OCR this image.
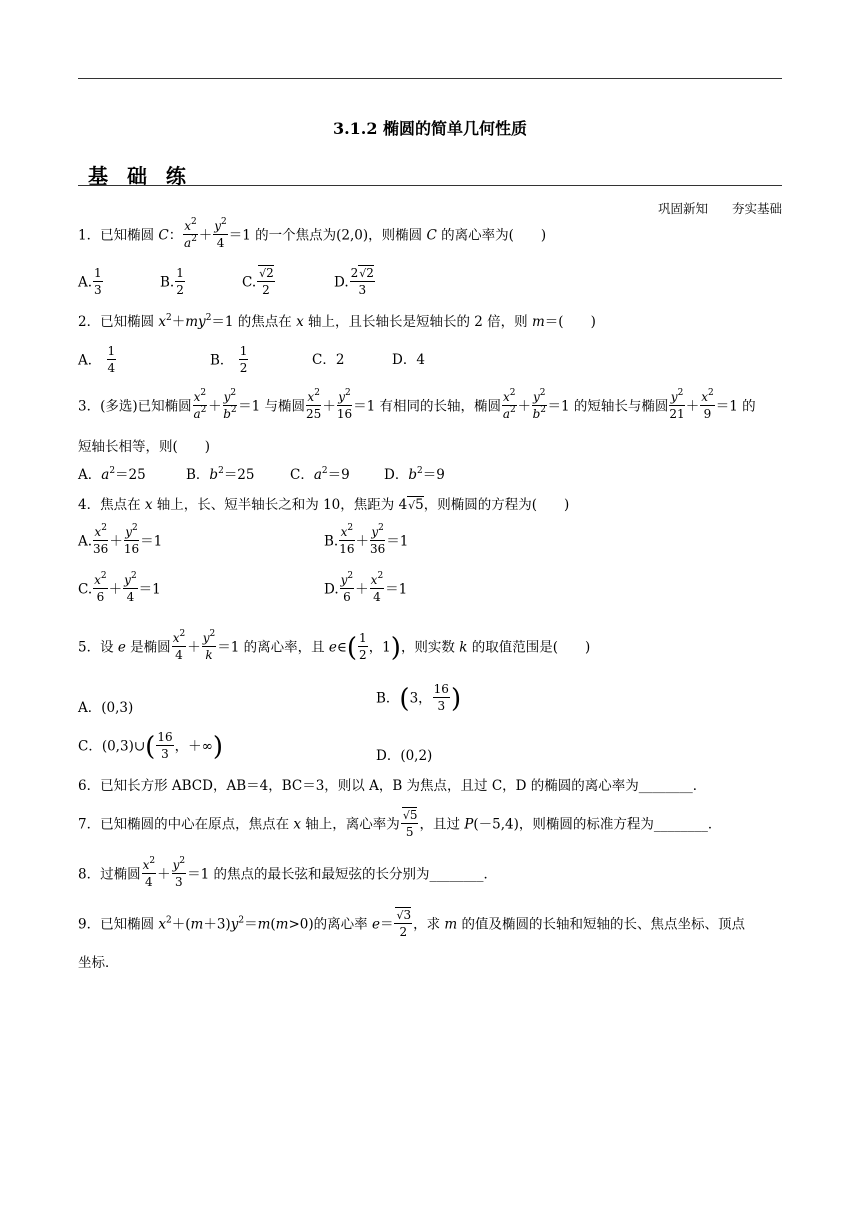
3.1.2 椭圆的简单几何性质
基 础 练
巩固新知 夯实基础
1．已知椭圆 C： $\frac{x^2}{a^2} + \frac{y^2}{4} =1$ 的一个焦点为(2,0)，则椭圆 C 的离心率为(　　)
A. $\frac{1}{3}$	B. $\frac{1}{2}$	C. √ $\frac{2}{2}$	D. $\frac{2 √ 2}{3}$
2．已知椭圆 $x^2+my^2=1$ 的焦点在 x 轴上，且长轴长是短轴长的 2 倍，则 m＝(　　)
A． $\frac{1}{4}$	B． $\frac{1}{2}$	C．2	D．4
3．(多选)已知椭圆 $\frac{x^2}{a^2} + \frac{y^2}{b^2} =1$ 与椭圆 $\frac{x^2}{25} + \frac{y^2}{16} =1$ 有相同的长轴，椭圆 $\frac{x^2}{a^2} + \frac{y^2}{b^2} =1$ 的短轴长与椭圆 $\frac{y^2}{21} + \frac{x^2}{9} =1$ 的
短轴长相等，则(　　)
A．$a^2=25$	B．$b^2=25$	C．$a^2=9$	D．$b^2=9$
4．焦点在 x 轴上，长、短半轴长之和为 10，焦距为 4 √ 5，则椭圆的方程为(　　)
A. $\frac{x^2}{36} + \frac{y^2}{16} =1$	B. $\frac{x^2}{16} + \frac{y^2}{36} =1$
C. $\frac{x^2}{6} + \frac{y^2}{4} =1$	D. $\frac{y^2}{6} + \frac{x^2}{4} =1$
5．设 e 是椭圆 $\frac{x^2}{4} + \frac{y^2}{k} =1$ 的离心率，且 e∈( $\frac{1}{2}$ ，1)，则实数 k 的取值范围是(　　)
A．(0,3)
B．(3， $\frac{16}{3}$ )
C．(0,3)∪( $\frac{16}{3}$ ，＋∞)	D．(0,2)
6．已知长方形 ABCD，AB＝4，BC＝3，则以 A，B 为焦点，且过 C，D 的椭圆的离心率为________．
7．已知椭圆的中心在原点，焦点在 x 轴上，离心率为 √ $\frac{5}{5}$ ，且过 P(－5,4)，则椭圆的标准方程为________．
8．过椭圆 $\frac{x^2}{4} + \frac{y^2}{3} =1$ 的焦点的最长弦和最短弦的长分别为________．
9．已知椭圆 $x^2+(m+3)y^2=m(m>0)$的离心率 e＝ √ $\frac{3}{2}$ ，求 m 的值及椭圆的长轴和短轴的长、焦点坐标、顶点
坐标．
